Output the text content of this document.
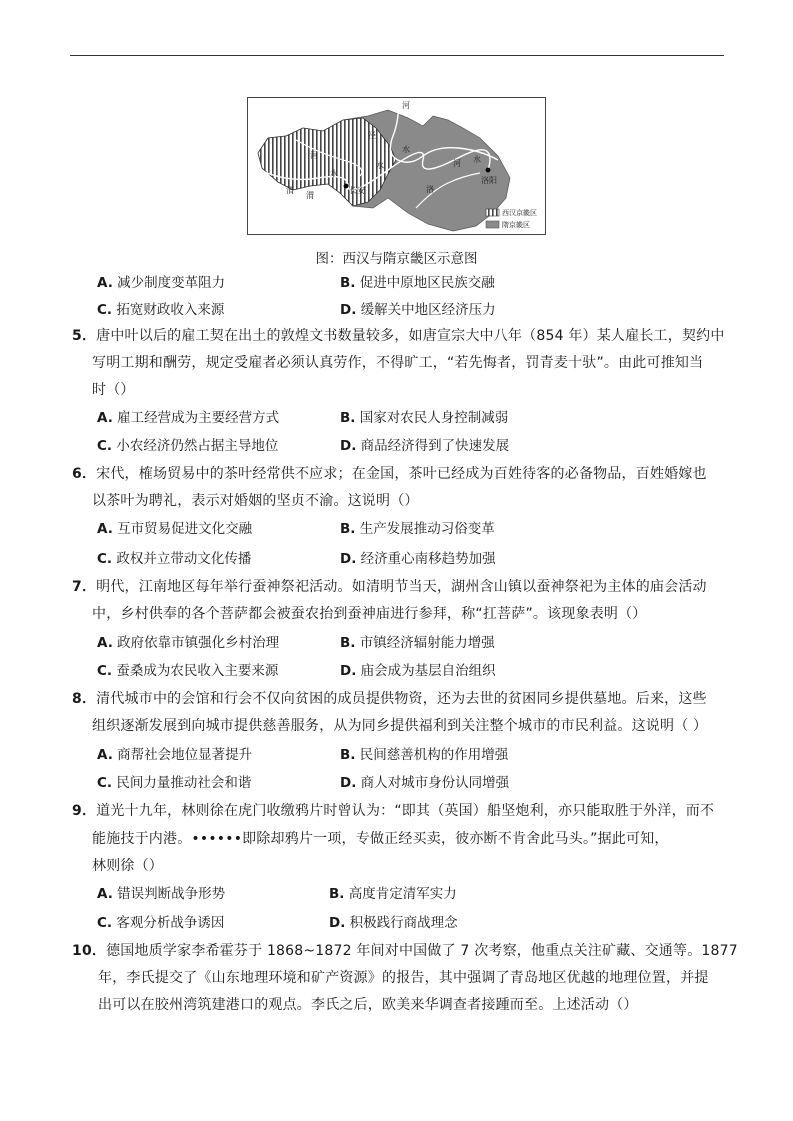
河
泾
水
水
河
水
渭
渭
河 水
洛
长安
洛阳
西汉京畿区
隋京畿区
图：西汉与隋京畿区示意图
A. 减少制度变革阻力	B. 促进中原地区民族交融
C. 拓宽财政收入来源	D. 缓解关中地区经济压力
5．唐中叶以后的雇工契在出土的敦煌文书数量较多，如唐宣宗大中八年（854 年）某人雇长工，契约中
写明工期和酬劳，规定受雇者必须认真劳作，不得旷工，“若先悔者，罚青麦十驮”。由此可推知当
时（）
A. 雇工经营成为主要经营方式	B. 国家对农民人身控制减弱
C. 小农经济仍然占据主导地位	D. 商品经济得到了快速发展
6．宋代，榷场贸易中的茶叶经常供不应求；在金国，茶叶已经成为百姓待客的必备物品，百姓婚嫁也
以茶叶为聘礼，表示对婚姻的坚贞不渝。这说明（）
A. 互市贸易促进文化交融	B. 生产发展推动习俗变革
C. 政权并立带动文化传播	D. 经济重心南移趋势加强
7．明代，江南地区每年举行蚕神祭祀活动。如清明节当天，湖州含山镇以蚕神祭祀为主体的庙会活动
中，乡村供奉的各个菩萨都会被蚕农抬到蚕神庙进行参拜，称“扛菩萨”。该现象表明（）
A. 政府依靠市镇强化乡村治理	B. 市镇经济辐射能力增强
C. 蚕桑成为农民收入主要来源	D. 庙会成为基层自治组织
8．清代城市中的会馆和行会不仅向贫困的成员提供物资，还为去世的贫困同乡提供墓地。后来，这些
组织逐渐发展到向城市提供慈善服务，从为同乡提供福利到关注整个城市的市民利益。这说明（ ）
A. 商帮社会地位显著提升	B. 民间慈善机构的作用增强
C. 民间力量推动社会和谐	D. 商人对城市身份认同增强
9．道光十九年，林则徐在虎门收缴鸦片时曾认为：“即其（英国）船坚炮利，亦只能取胜于外洋，而不
能施技于内港。••••••即除却鸦片一项，专做正经买卖，彼亦断不肯舍此马头。”据此可知，
林则徐（）
A. 错误判断战争形势	B. 高度肯定清军实力
C. 客观分析战争诱因	D. 积极践行商战理念
10．德国地质学家李希霍芬于 1868~1872 年间对中国做了 7 次考察，他重点关注矿藏、交通等。1877
年，李氏提交了《山东地理环境和矿产资源》的报告，其中强调了青岛地区优越的地理位置，并提
出可以在胶州湾筑建港口的观点。李氏之后，欧美来华调查者接踵而至。上述活动（）
